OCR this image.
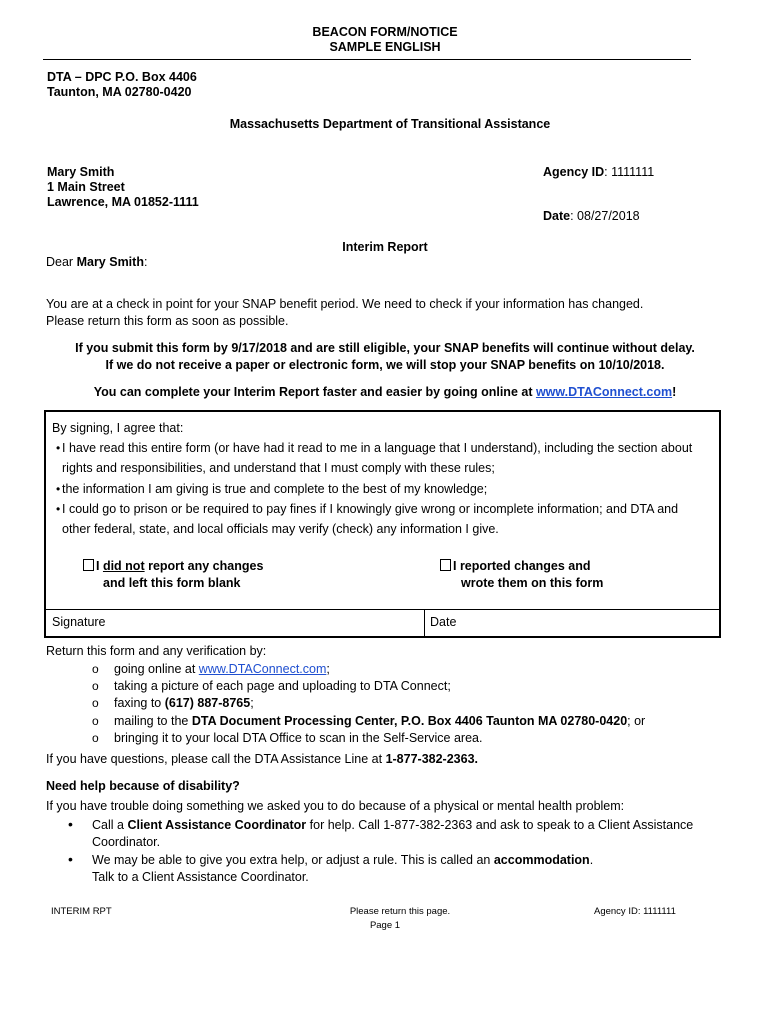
BEACON FORM/NOTICE
SAMPLE ENGLISH
DTA – DPC P.O. Box 4406
Taunton, MA 02780-0420
Massachusetts Department of Transitional Assistance
Mary Smith
1 Main Street
Lawrence, MA 01852-1111
Agency ID: 1111111
Date: 08/27/2018
Interim Report
Dear Mary Smith:
You are at a check in point for your SNAP benefit period. We need to check if your information has changed.
Please return this form as soon as possible.
If you submit this form by 9/17/2018 and are still eligible, your SNAP benefits will continue without delay.
If we do not receive a paper or electronic form, we will stop your SNAP benefits on 10/10/2018.
You can complete your Interim Report faster and easier by going online at www.DTAConnect.com!
By signing, I agree that:
• I have read this entire form (or have had it read to me in a language that I understand), including the section about
rights and responsibilities, and understand that I must comply with these rules;
• the information I am giving is true and complete to the best of my knowledge;
• I could go to prison or be required to pay fines if I knowingly give wrong or incomplete information; and DTA and
other federal, state, and local officials may verify (check) any information I give.
I did not report any changes
and left this form blank
I reported changes and
wrote them on this form
Signature	Date
Return this form and any verification by:
o going online at www.DTAConnect.com;
o taking a picture of each page and uploading to DTA Connect;
o faxing to (617) 887-8765;
o mailing to the DTA Document Processing Center, P.O. Box 4406 Taunton MA 02780-0420; or
o bringing it to your local DTA Office to scan in the Self-Service area.
If you have questions, please call the DTA Assistance Line at 1-877-382-2363.
Need help because of disability?
If you have trouble doing something we asked you to do because of a physical or mental health problem:
• Call a Client Assistance Coordinator for help. Call 1-877-382-2363 and ask to speak to a Client Assistance
Coordinator.
• We may be able to give you extra help, or adjust a rule. This is called an accommodation.
Talk to a Client Assistance Coordinator.
INTERIM RPT	Please return this page.
Page 1
Agency ID: 1111111
